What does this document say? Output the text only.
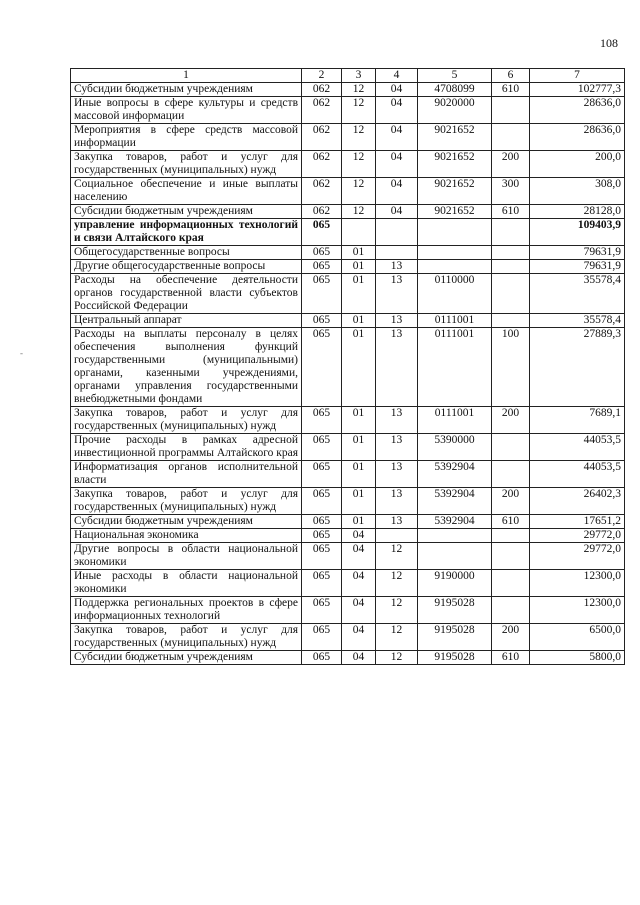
108
-
1	2	3	4	5	6	7
Субсидии бюджетным учреждениям	062	12	04	4708099	610	102777,3
Иные вопросы в сфере культуры и средств массовой информации	062	12	04	9020000		28636,0
Мероприятия в сфере средств массовой информации	062	12	04	9021652		28636,0
Закупка товаров, работ и услуг для государственных (муниципальных) нужд	062	12	04	9021652	200	200,0
Социальное обеспечение и иные выплаты населению	062	12	04	9021652	300	308,0
Субсидии бюджетным учреждениям	062	12	04	9021652	610	28128,0
управление информационных технологий и связи Алтайского края	065					109403,9
Общегосударственные вопросы	065	01				79631,9
Другие общегосударственные вопросы	065	01	13			79631,9
Расходы на обеспечение деятельности органов государственной власти субъектов Российской Федерации	065	01	13	0110000		35578,4
Центральный аппарат	065	01	13	0111001		35578,4
Расходы на выплаты персоналу в целях обеспечения выполнения функций государственными (муниципальными) органами, казенными учреждениями, органами управления государственными внебюджетными фондами	065	01	13	0111001	100	27889,3
Закупка товаров, работ и услуг для государственных (муниципальных) нужд	065	01	13	0111001	200	7689,1
Прочие расходы в рамках адресной инвестиционной программы Алтайского края	065	01	13	5390000		44053,5
Информатизация органов исполнительной власти	065	01	13	5392904		44053,5
Закупка товаров, работ и услуг для государственных (муниципальных) нужд	065	01	13	5392904	200	26402,3
Субсидии бюджетным учреждениям	065	01	13	5392904	610	17651,2
Национальная экономика	065	04				29772,0
Другие вопросы в области национальной экономики	065	04	12			29772,0
Иные расходы в области национальной экономики	065	04	12	9190000		12300,0
Поддержка региональных проектов в сфере информационных технологий	065	04	12	9195028		12300,0
Закупка товаров, работ и услуг для государственных (муниципальных) нужд	065	04	12	9195028	200	6500,0
Субсидии бюджетным учреждениям	065	04	12	9195028	610	5800,0
